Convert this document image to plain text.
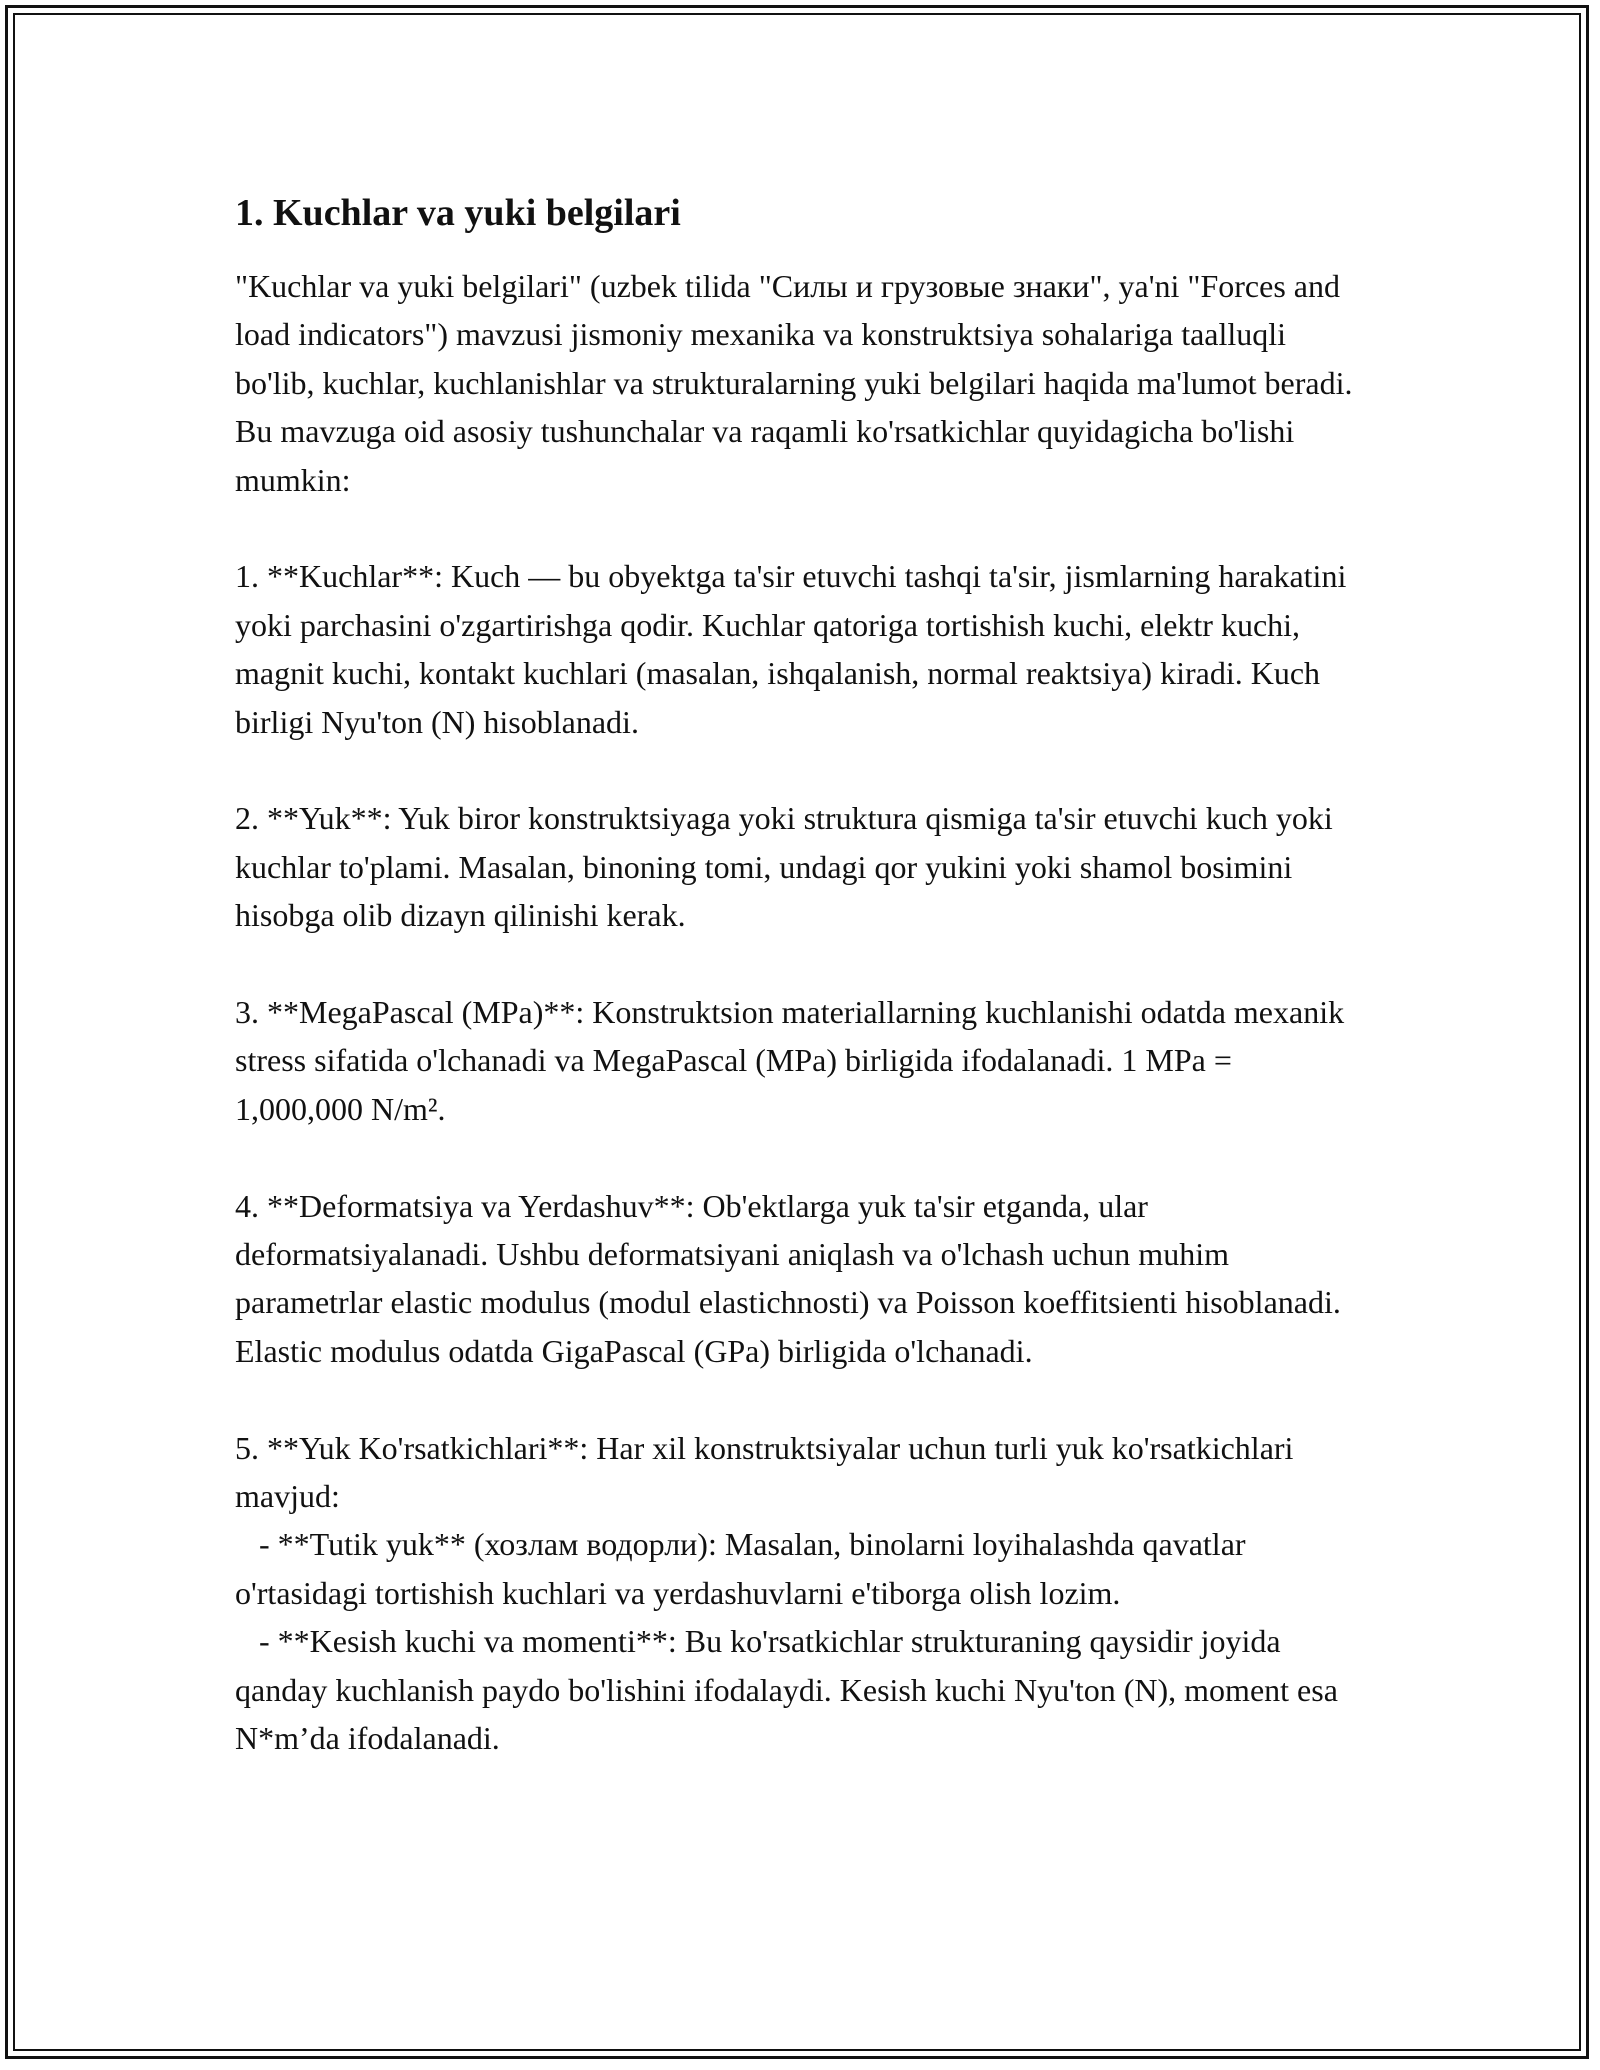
1. Kuchlar va yuki belgilari

"Kuchlar va yuki belgilari" (uzbek tilida "Силы и грузовые знаки", ya'ni "Forces and load indicators") mavzusi jismoniy mexanika va konstruktsiya sohalariga taalluqli bo'lib, kuchlar, kuchlanishlar va strukturalarning yuki belgilari haqida ma'lumot beradi. Bu mavzuga oid asosiy tushunchalar va raqamli ko'rsatkichlar quyidagicha bo'lishi mumkin:

1. **Kuchlar**: Kuch — bu obyektga ta'sir etuvchi tashqi ta'sir, jismlarning harakatini yoki parchasini o'zgartirishga qodir. Kuchlar qatoriga tortishish kuchi, elektr kuchi, magnit kuchi, kontakt kuchlari (masalan, ishqalanish, normal reaktsiya) kiradi. Kuch birligi Nyu'ton (N) hisoblanadi.

2. **Yuk**: Yuk biror konstruktsiyaga yoki struktura qismiga ta'sir etuvchi kuch yoki kuchlar to'plami. Masalan, binoning tomi, undagi qor yukini yoki shamol bosimini hisobga olib dizayn qilinishi kerak.

3. **MegaPascal (MPa)**: Konstruktsion materiallarning kuchlanishi odatda mexanik stress sifatida o'lchanadi va MegaPascal (MPa) birligida ifodalanadi. 1 MPa = 1,000,000 N/m².

4. **Deformatsiya va Yerdashuv**: Ob'ektlarga yuk ta'sir etganda, ular deformatsiyalanadi. Ushbu deformatsiyani aniqlash va o'lchash uchun muhim parametrlar elastic modulus (modul elastichnosti) va Poisson koeffitsienti hisoblanadi. Elastic modulus odatda GigaPascal (GPa) birligida o'lchanadi.

5. **Yuk Ko'rsatkichlari**: Har xil konstruktsiyalar uchun turli yuk ko'rsatkichlari mavjud:

- **Tutik yuk** (хозлам водорли): Masalan, binolarni loyihalashda qavatlar o'rtasidagi tortishish kuchlari va yerdashuvlarni e'tiborga olish lozim.

- **Kesish kuchi va momenti**: Bu ko'rsatkichlar strukturaning qaysidir joyida qanday kuchlanish paydo bo'lishini ifodalaydi. Kesish kuchi Nyu'ton (N), moment esa N*m’da ifodalanadi.
